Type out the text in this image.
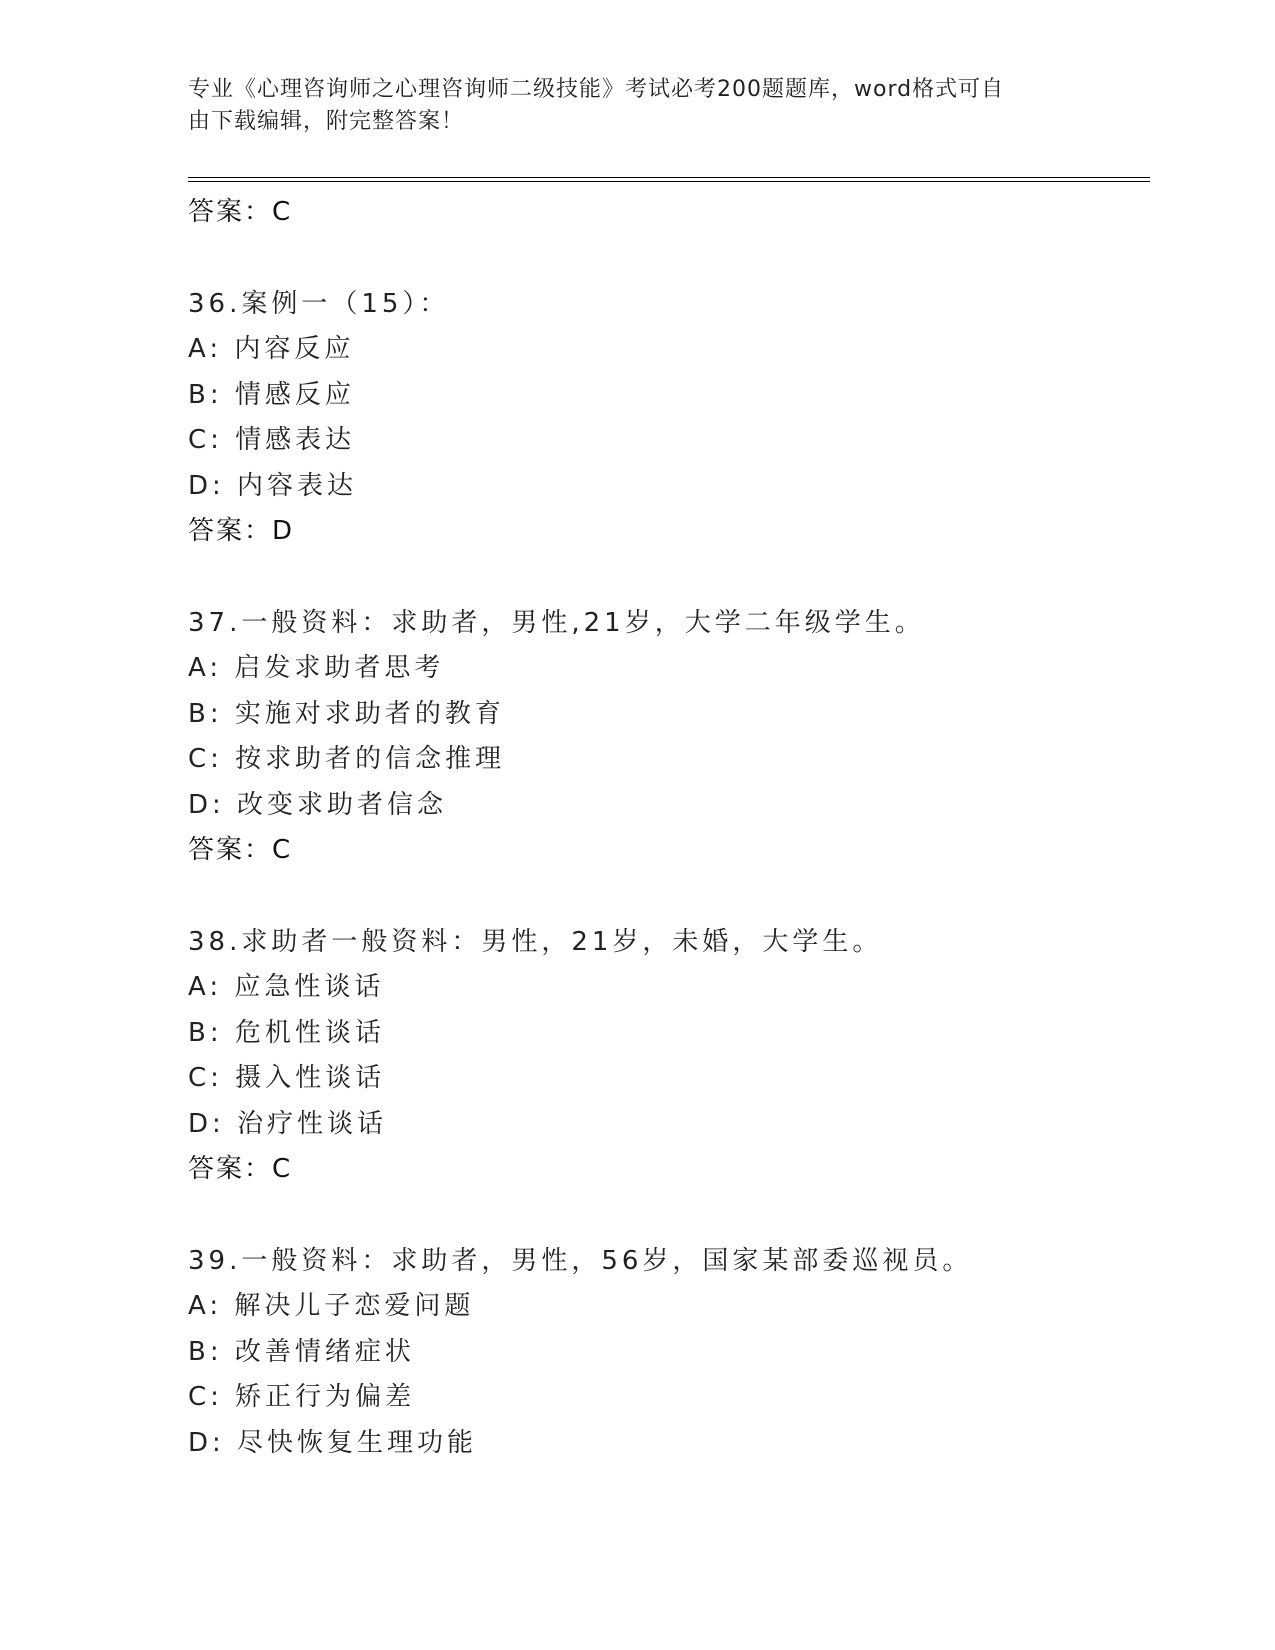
专业《心理咨询师之心理咨询师二级技能》考试必考200题题库，word格式可自
由下载编辑，附完整答案！
答案：C
36.案例一（15）：
A: 内容反应
B: 情感反应
C: 情感表达
D: 内容表达
答案：D
37.一般资料：求助者，男性,21岁，大学二年级学生。
A: 启发求助者思考
B: 实施对求助者的教育
C: 按求助者的信念推理
D: 改变求助者信念
答案：C
38.求助者一般资料：男性，21岁，未婚，大学生。
A: 应急性谈话
B: 危机性谈话
C: 摄入性谈话
D: 治疗性谈话
答案：C
39.一般资料：求助者，男性，56岁，国家某部委巡视员。
A: 解决儿子恋爱问题
B: 改善情绪症状
C: 矫正行为偏差
D: 尽快恢复生理功能
